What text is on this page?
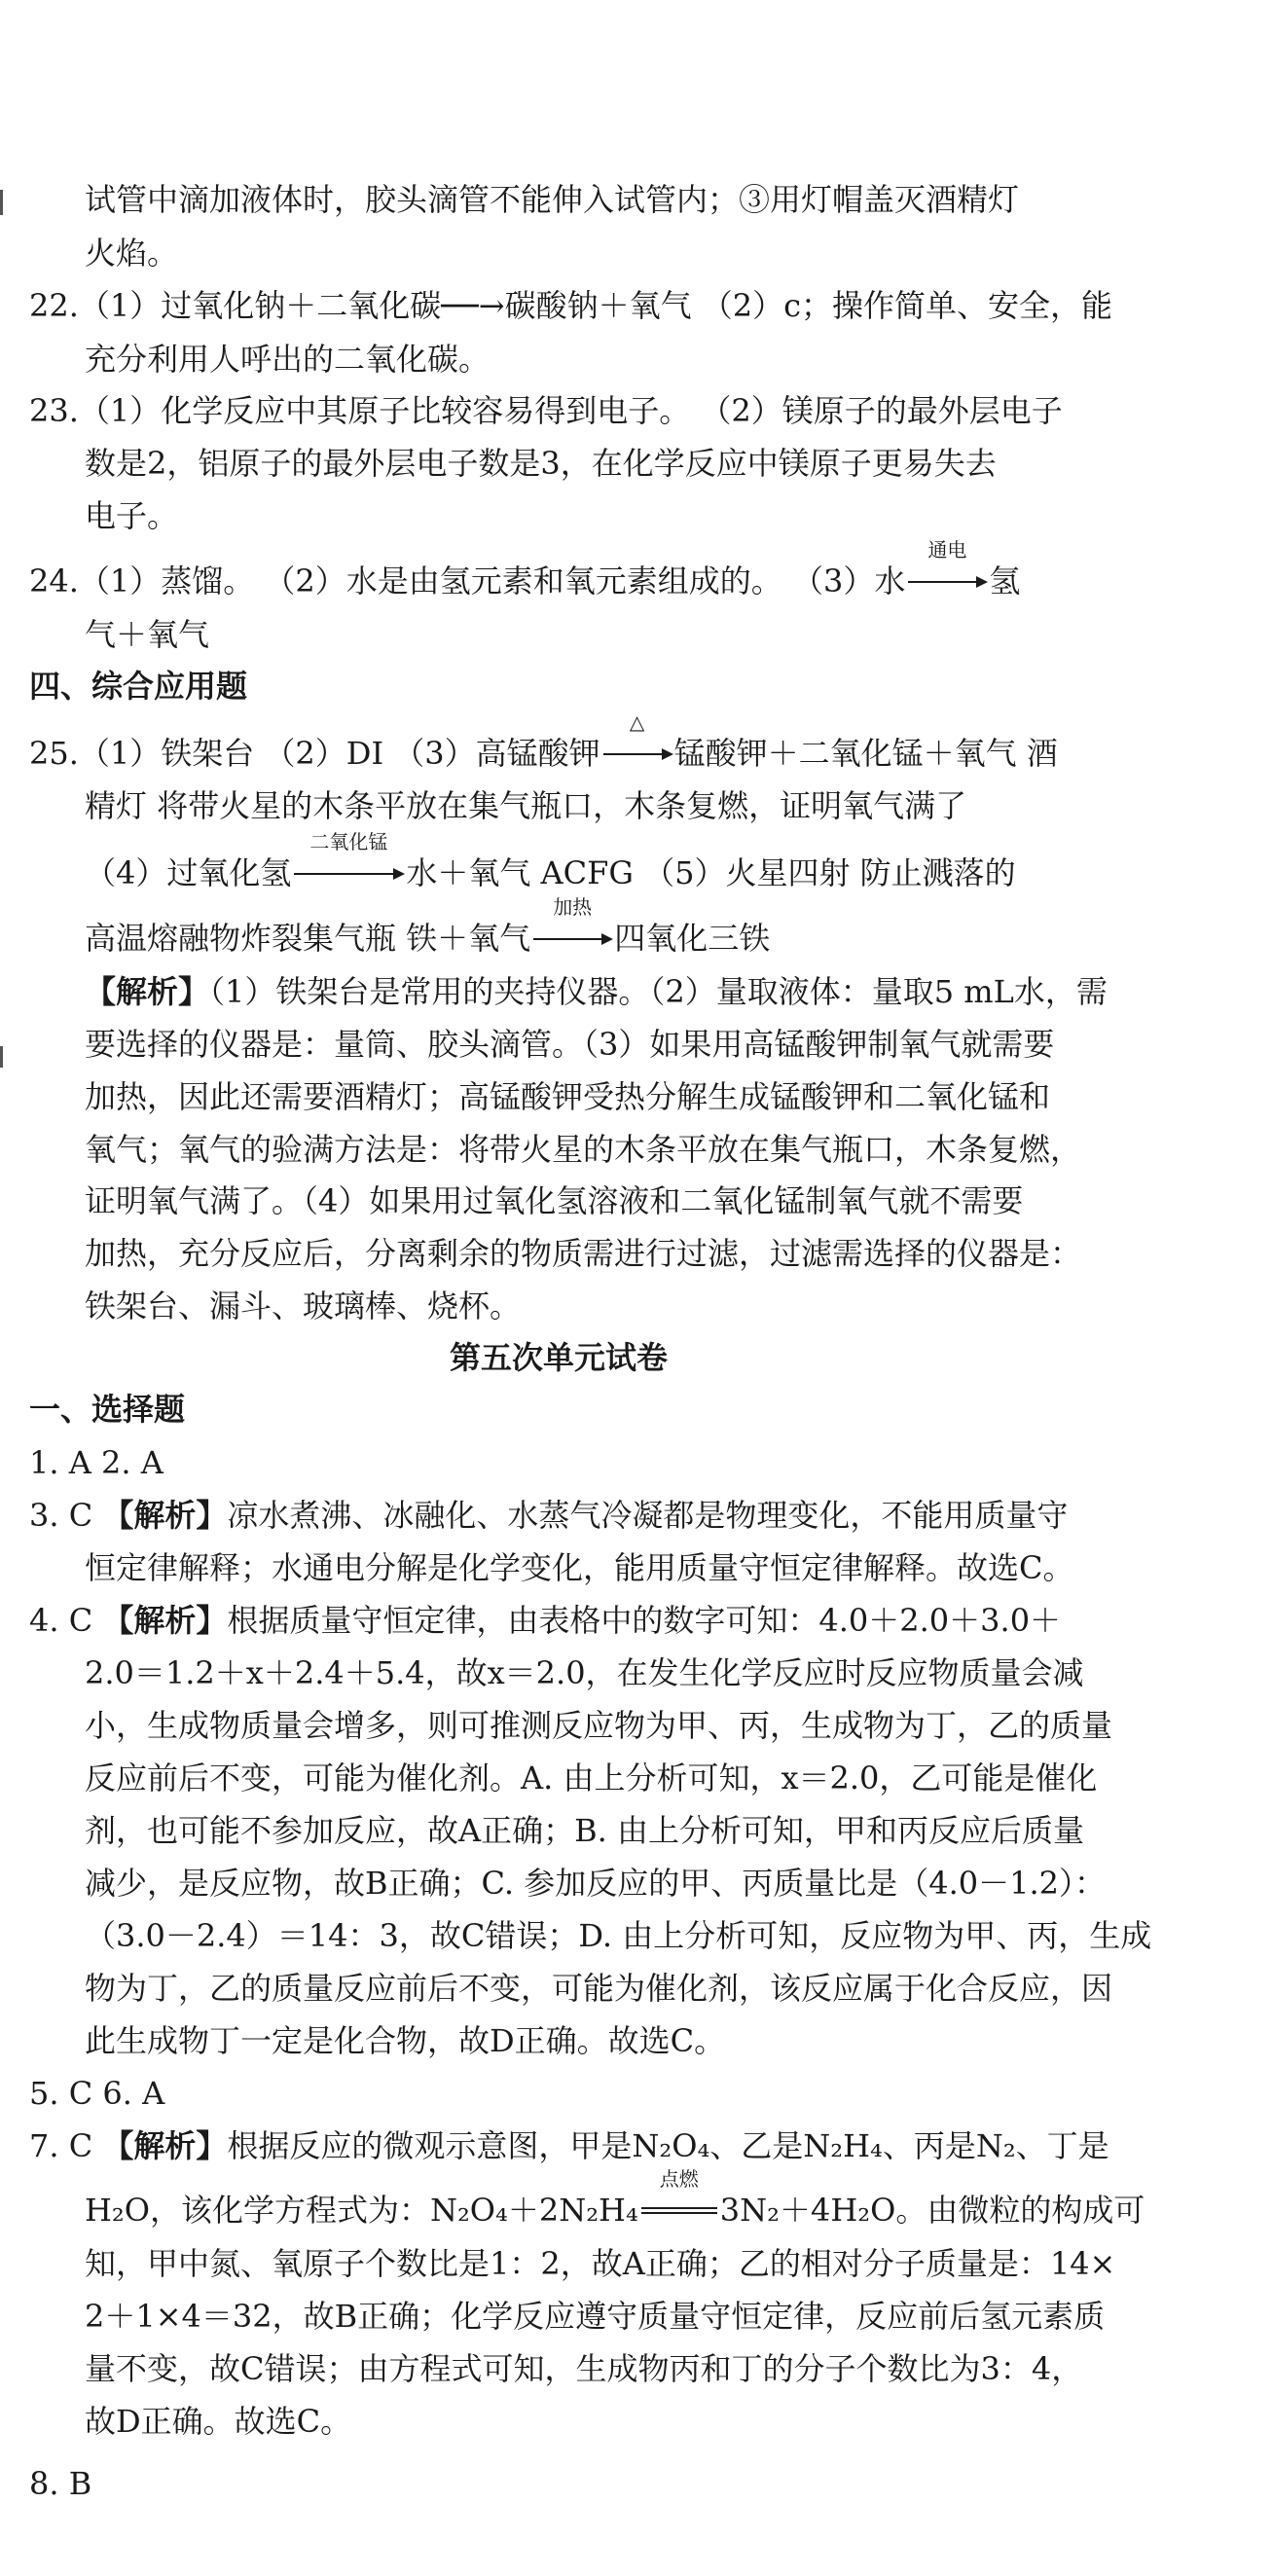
试管中滴加液体时，胶头滴管不能伸入试管内；③用灯帽盖灭酒精灯
火焰。
22.（1）过氧化钠＋二氧化碳──→碳酸钠＋氧气 （2）c；操作简单、安全，能
充分利用人呼出的二氧化碳。
23.（1）化学反应中其原子比较容易得到电子。 （2）镁原子的最外层电子
数是2，铝原子的最外层电子数是3，在化学反应中镁原子更易失去
电子。
24.（1）蒸馏。 （2）水是由氢元素和氧元素组成的。 （3）水
通电
氢
气＋氧气
四、综合应用题
25.（1）铁架台 （2）DI （3）高锰酸钾
△
锰酸钾＋二氧化锰＋氧气 酒
精灯 将带火星的木条平放在集气瓶口，木条复燃，证明氧气满了
（4）过氧化氢
二氧化锰
水＋氧气 ACFG （5）火星四射 防止溅落的
高温熔融物炸裂集气瓶 铁＋氧气
加热
四氧化三铁
【解析】（1）铁架台是常用的夹持仪器。（2）量取液体：量取5 mL水，需
要选择的仪器是：量筒、胶头滴管。（3）如果用高锰酸钾制氧气就需要
加热，因此还需要酒精灯；高锰酸钾受热分解生成锰酸钾和二氧化锰和
氧气；氧气的验满方法是：将带火星的木条平放在集气瓶口，木条复燃，
证明氧气满了。（4）如果用过氧化氢溶液和二氧化锰制氧气就不需要
加热，充分反应后，分离剩余的物质需进行过滤，过滤需选择的仪器是：
铁架台、漏斗、玻璃棒、烧杯。
第五次单元试卷
一、选择题
1. A 2. A
3. C 【解析】凉水煮沸、冰融化、水蒸气冷凝都是物理变化，不能用质量守
恒定律解释；水通电分解是化学变化，能用质量守恒定律解释。故选C。
4. C 【解析】根据质量守恒定律，由表格中的数字可知：4.0＋2.0＋3.0＋
2.0＝1.2＋x＋2.4＋5.4，故x＝2.0，在发生化学反应时反应物质量会减
小，生成物质量会增多，则可推测反应物为甲、丙，生成物为丁，乙的质量
反应前后不变，可能为催化剂。A. 由上分析可知，x＝2.0，乙可能是催化
剂，也可能不参加反应，故A正确；B. 由上分析可知，甲和丙反应后质量
减少，是反应物，故B正确；C. 参加反应的甲、丙质量比是（4.0－1.2）：
（3.0－2.4）＝14：3，故C错误；D. 由上分析可知，反应物为甲、丙，生成
物为丁，乙的质量反应前后不变，可能为催化剂，该反应属于化合反应，因
此生成物丁一定是化合物，故D正确。故选C。
5. C 6. A
7. C 【解析】根据反应的微观示意图，甲是N₂O₄、乙是N₂H₄、丙是N₂、丁是
H₂O，该化学方程式为：N₂O₄＋2N₂H₄
点燃
3N₂＋4H₂O。由微粒的构成可
知，甲中氮、氧原子个数比是1：2，故A正确；乙的相对分子质量是：14×
2＋1×4＝32，故B正确；化学反应遵守质量守恒定律，反应前后氢元素质
量不变，故C错误；由方程式可知，生成物丙和丁的分子个数比为3：4，
故D正确。故选C。
8. B
